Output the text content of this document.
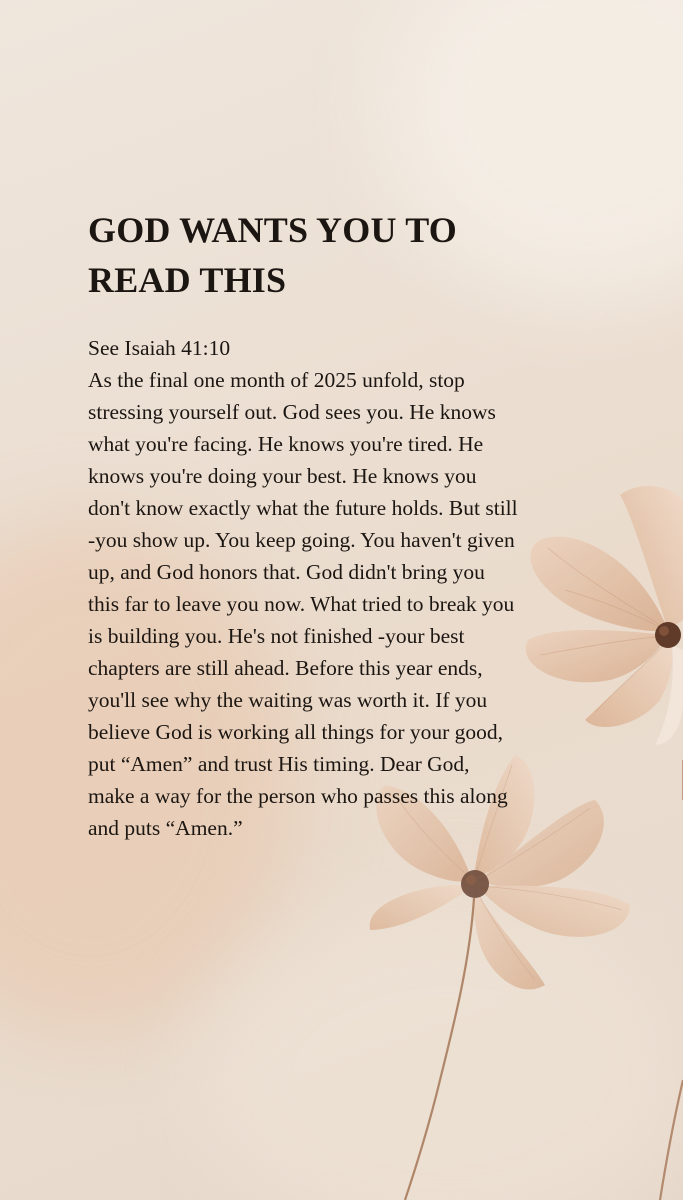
GOD WANTS YOU TO
READ THIS

See Isaiah 41:10

As the final one month of 2025 unfold, stop stressing yourself out. God sees you. He knows what you're facing. He knows you're tired. He knows you're doing your best. He knows you don't know exactly what the future holds. But still -you show up. You keep going. You haven't given up, and God honors that. God didn't bring you this far to leave you now. What tried to break you is building you. He's not finished -your best chapters are still ahead. Before this year ends, you'll see why the waiting was worth it. If you believe God is working all things for your good, put “Amen” and trust His timing. Dear God, make a way for the person who passes this along and puts “Amen.”
